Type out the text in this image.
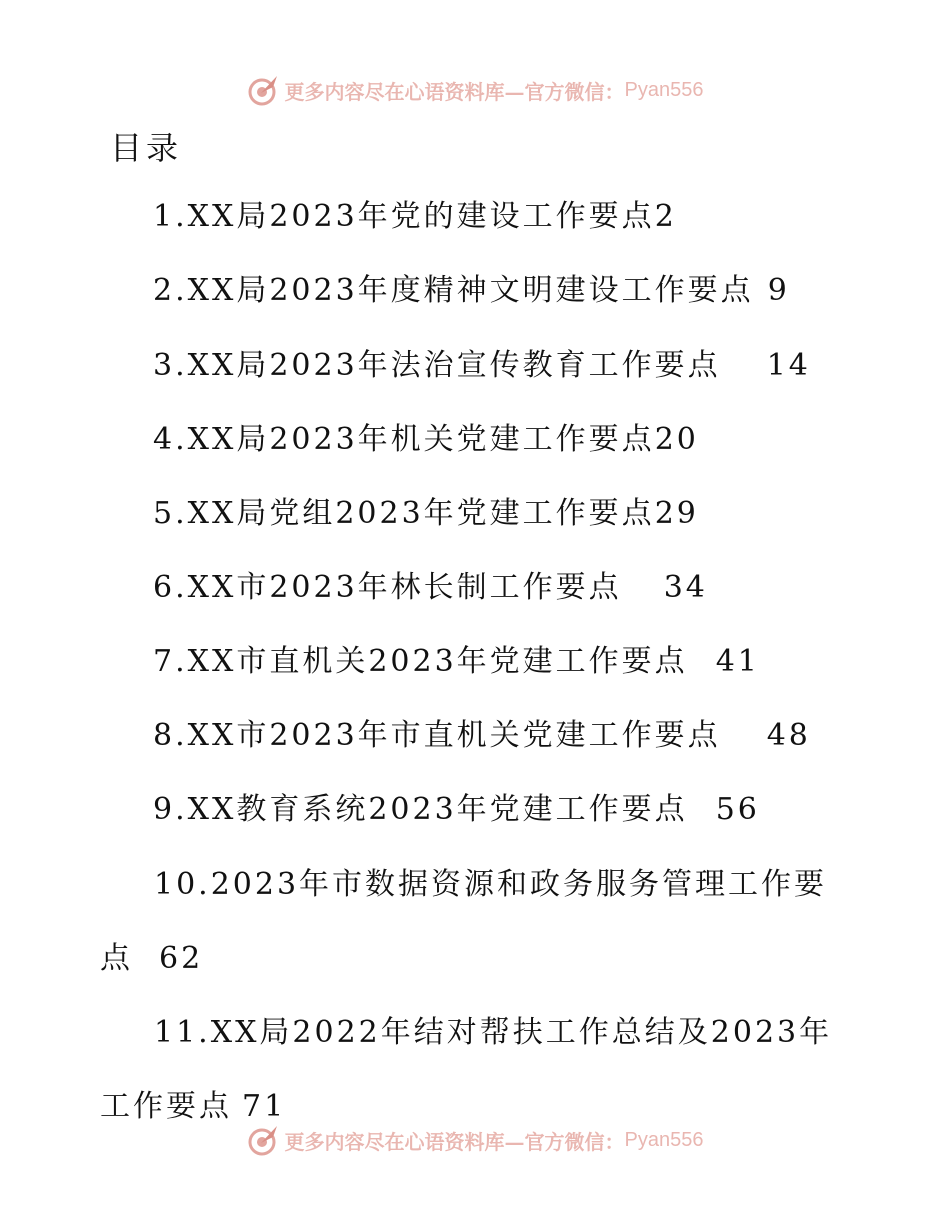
更多内容尽在心语资料库—官方微信： Pyan556
目录
1.XX局2023年党的建设工作要点2
2.XX局2023年度精神文明建设工作要点 9
3.XX局2023年法治宣传教育工作要点 14
4.XX局2023年机关党建工作要点20
5.XX局党组2023年党建工作要点29
6.XX市2023年林长制工作要点 34
7.XX市直机关2023年党建工作要点 41
8.XX市2023年市直机关党建工作要点 48
9.XX教育系统2023年党建工作要点 56
10.2023年市数据资源和政务服务管理工作要点 62
11.XX局2022年结对帮扶工作总结及2023年工作要点 71
更多内容尽在心语资料库—官方微信： Pyan556
